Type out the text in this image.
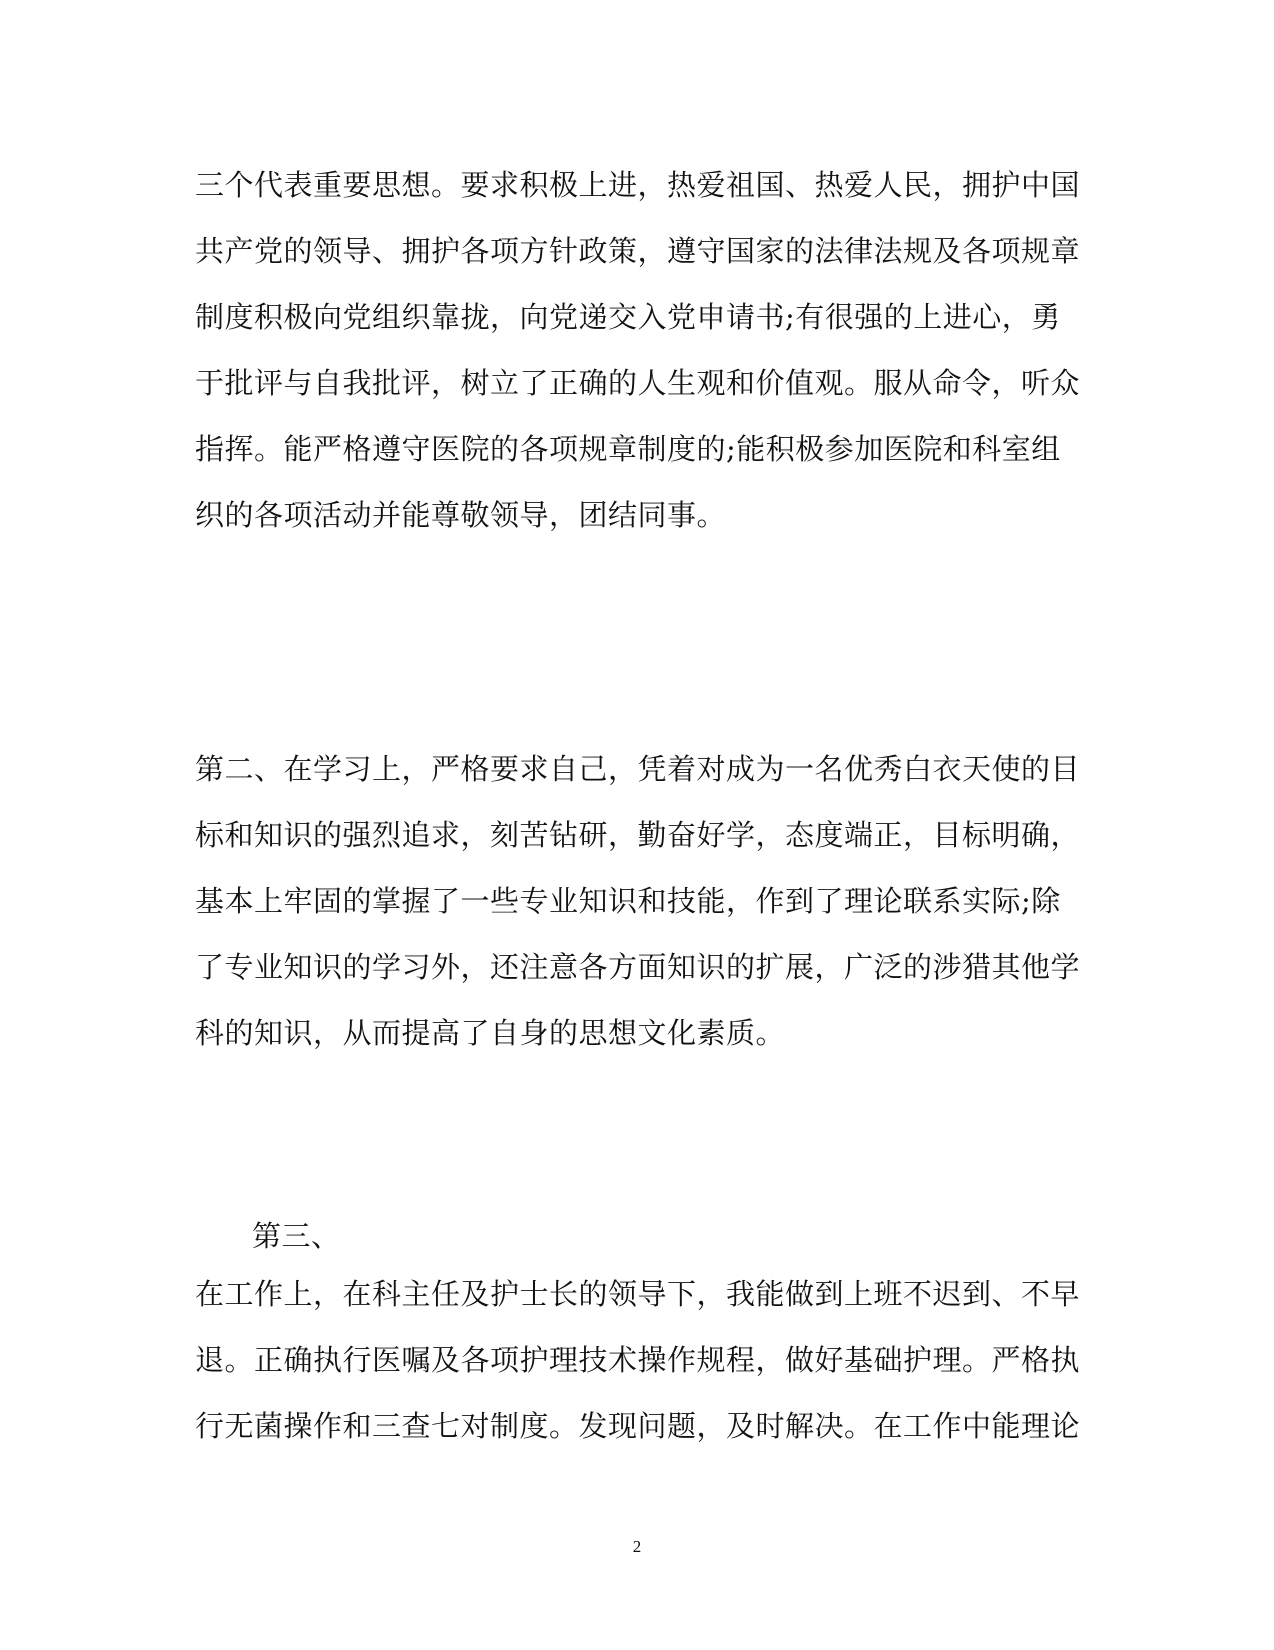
三个代表重要思想。要求积极上进，热爱祖国、热爱人民，拥护中国
共产党的领导、拥护各项方针政策，遵守国家的法律法规及各项规章
制度积极向党组织靠拢，向党递交入党申请书;有很强的上进心，勇
于批评与自我批评，树立了正确的人生观和价值观。服从命令，听众
指挥。能严格遵守医院的各项规章制度的;能积极参加医院和科室组
织的各项活动并能尊敬领导，团结同事。

第二、在学习上，严格要求自己，凭着对成为一名优秀白衣天使的目
标和知识的强烈追求，刻苦钻研，勤奋好学，态度端正，目标明确，
基本上牢固的掌握了一些专业知识和技能，作到了理论联系实际;除
了专业知识的学习外，还注意各方面知识的扩展，广泛的涉猎其他学
科的知识，从而提高了自身的思想文化素质。

第三、

在工作上，在科主任及护士长的领导下，我能做到上班不迟到、不早
退。正确执行医嘱及各项护理技术操作规程，做好基础护理。严格执
行无菌操作和三查七对制度。发现问题，及时解决。在工作中能理论

2
